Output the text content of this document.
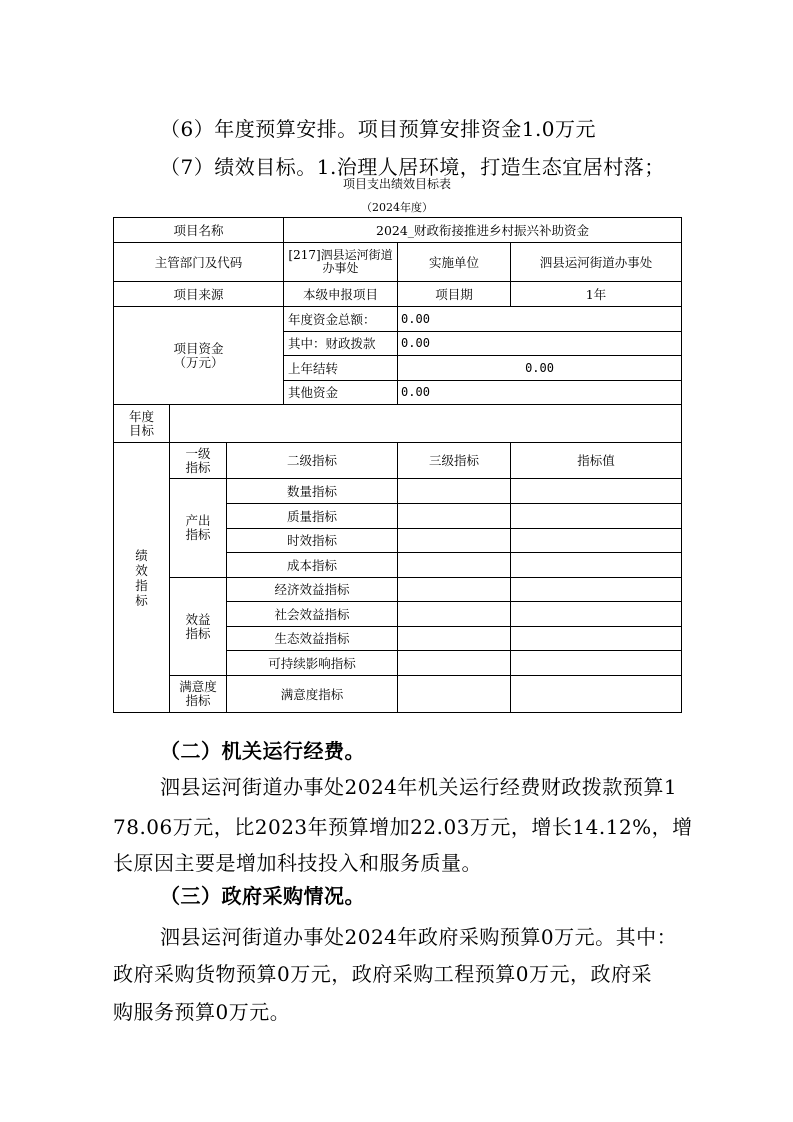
（6）年度预算安排。项目预算安排资金1.0万元
（7）绩效目标。1.治理人居环境，打造生态宜居村落；
项目支出绩效目标表
（2024年度）
项目名称			2024_财政衔接推进乡村振兴补助资金		
主管部门及代码			[217]泗县运河街道办事处	实施单位	泗县运河街道办事处
项目来源			本级申报项目	项目期	1年
项目资金（万元）			年度资金总额：	0.00	
			其中：财政拨款	0.00	
			上年结转	0.00	
			其他资金	0.00	
年度目标					
绩效指标	一级指标	二级指标		三级指标	指标值
	产出指标	数量指标			
		质量指标			
		时效指标			
		成本指标			
	效益指标	经济效益指标			
		社会效益指标			
		生态效益指标			
		可持续影响指标			
	满意度指标	满意度指标			
（二）机关运行经费。
泗县运河街道办事处2024年机关运行经费财政拨款预算1
78.06万元，比2023年预算增加22.03万元，增长14.12%，增
长原因主要是增加科技投入和服务质量。
（三）政府采购情况。
泗县运河街道办事处2024年政府采购预算0万元。其中：
政府采购货物预算0万元，政府采购工程预算0万元，政府采
购服务预算0万元。
